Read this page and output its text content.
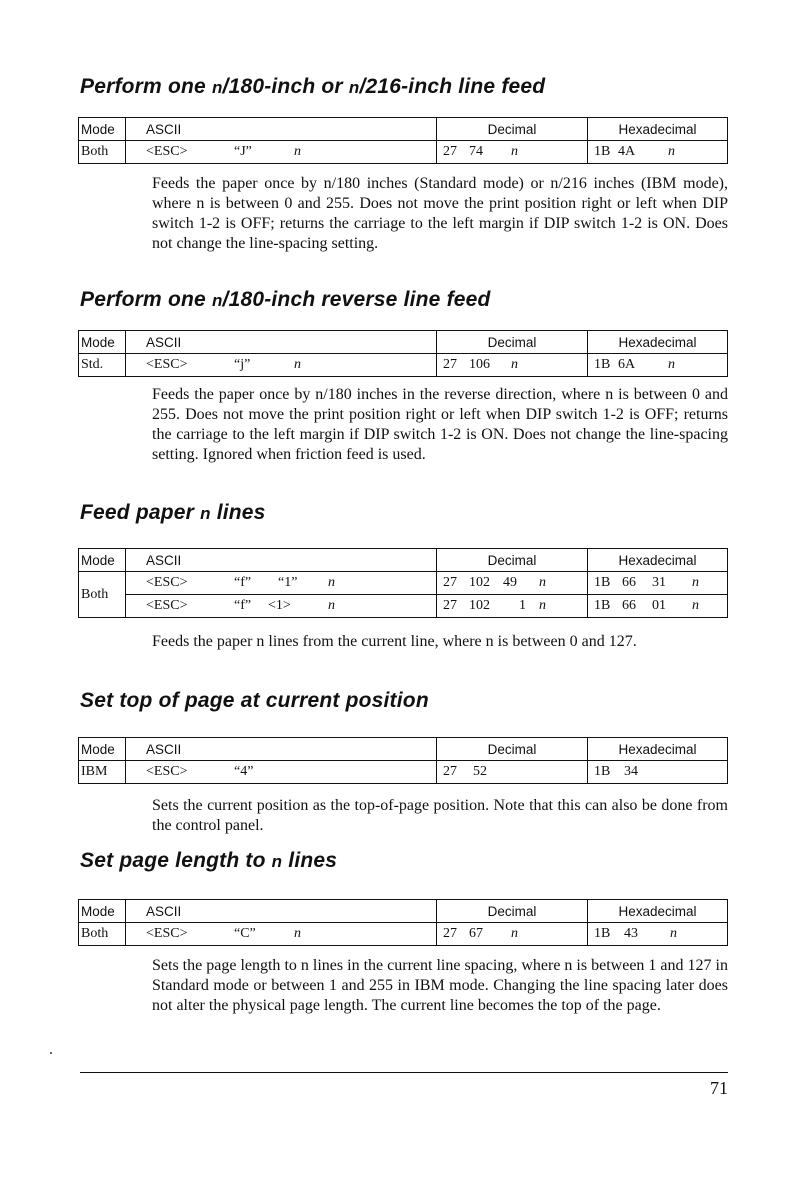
Perform one n/180-inch or n/216-inch line feed
Mode	ASCII	Decimal	Hexadecimal
Both	<ESC> “J” n	27 74 n	1B 4A n
Feeds the paper once by n/180 inches (Standard mode) or n/216 inches (IBM mode), where n is between 0 and 255. Does not move the print position right or left when DIP switch 1-2 is OFF; returns the carriage to the left margin if DIP switch 1-2 is ON. Does not change the line-spacing setting.
Perform one n/180-inch reverse line feed
Mode	ASCII	Decimal	Hexadecimal
Std.	<ESC> “j” n	27 106 n	1B 6A n
Feeds the paper once by n/180 inches in the reverse direction, where n is between 0 and 255. Does not move the print position right or left when DIP switch 1-2 is OFF; returns the carriage to the left margin if DIP switch 1-2 is ON. Does not change the line-spacing setting. Ignored when friction feed is used.
Feed paper n lines
Mode	ASCII	Decimal	Hexadecimal
Both	<ESC> “f” “1” n	27 102 49 n	1B 66 31 n
	<ESC> “f” <1> n	27 102 1 n	1B 66 01 n
Feeds the paper n lines from the current line, where n is between 0 and 127.
Set top of page at current position
Mode	ASCII	Decimal	Hexadecimal
IBM	<ESC> “4”	27 52	1B 34
Sets the current position as the top-of-page position. Note that this can also be done from the control panel.
Set page length to n lines
Mode	ASCII	Decimal	Hexadecimal
Both	<ESC> “C” n	27 67 n	1B 43 n
Sets the page length to n lines in the current line spacing, where n is between 1 and 127 in Standard mode or between 1 and 255 in IBM mode. Changing the line spacing later does not alter the physical page length. The current line becomes the top of the page.
71
